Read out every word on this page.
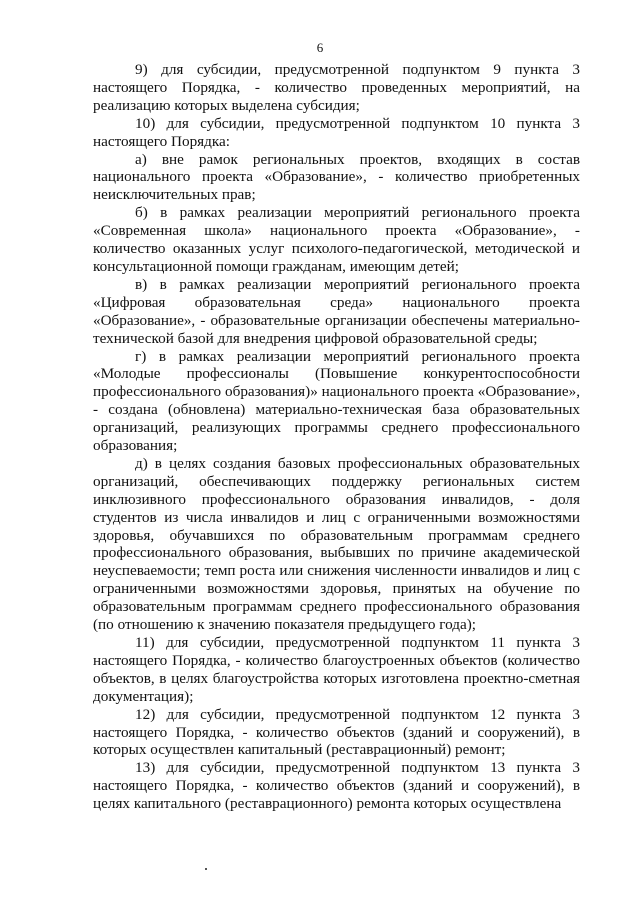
6

9) для субсидии, предусмотренной подпунктом 9 пункта 3 настоящего Порядка, - количество проведенных мероприятий, на реализацию которых выделена субсидия;

10) для субсидии, предусмотренной подпунктом 10 пункта 3 настоящего Порядка:

а) вне рамок региональных проектов, входящих в состав национального проекта «Образование», - количество приобретенных неисключительных прав;

б) в рамках реализации мероприятий регионального проекта «Современная школа» национального проекта «Образование», - количество оказанных услуг психолого-педагогической, методической и консультационной помощи гражданам, имеющим детей;

в) в рамках реализации мероприятий регионального проекта «Цифровая образовательная среда» национального проекта «Образование», - образовательные организации обеспечены материально-технической базой для внедрения цифровой образовательной среды;

г) в рамках реализации мероприятий регионального проекта «Молодые профессионалы (Повышение конкурентоспособности профессионального образования)» национального проекта «Образование», - создана (обновлена) материально-техническая база образовательных организаций, реализующих программы среднего профессионального образования;

д) в целях создания базовых профессиональных образовательных организаций, обеспечивающих поддержку региональных систем инклюзивного профессионального образования инвалидов, - доля студентов из числа инвалидов и лиц с ограниченными возможностями здоровья, обучавшихся по образовательным программам среднего профессионального образования, выбывших по причине академической неуспеваемости; темп роста или снижения численности инвалидов и лиц с ограниченными возможностями здоровья, принятых на обучение по образовательным программам среднего профессионального образования (по отношению к значению показателя предыдущего года);

11) для субсидии, предусмотренной подпунктом 11 пункта 3 настоящего Порядка, - количество благоустроенных объектов (количество объектов, в целях благоустройства которых изготовлена проектно-сметная документация);

12) для субсидии, предусмотренной подпунктом 12 пункта 3 настоящего Порядка, - количество объектов (зданий и сооружений), в которых осуществлен капитальный (реставрационный) ремонт;

13) для субсидии, предусмотренной подпунктом 13 пункта 3 настоящего Порядка, - количество объектов (зданий и сооружений), в целях капитального (реставрационного) ремонта которых осуществлена
